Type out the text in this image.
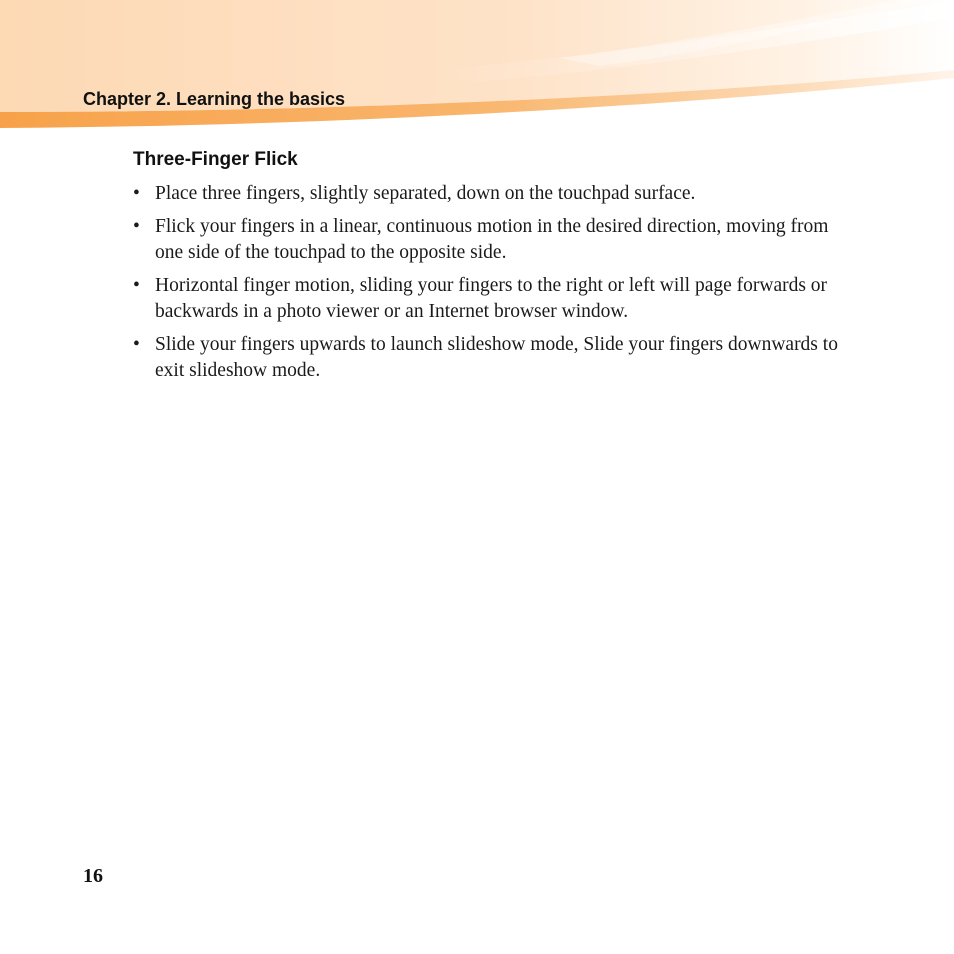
Chapter 2. Learning the basics
Three-Finger Flick
• Place three fingers, slightly separated, down on the touchpad surface.
• Flick your fingers in a linear, continuous motion in the desired direction, moving from one side of the touchpad to the opposite side.
• Horizontal finger motion, sliding your fingers to the right or left will page forwards or backwards in a photo viewer or an Internet browser window.
• Slide your fingers upwards to launch slideshow mode, Slide your fingers downwards to exit slideshow mode.

16
